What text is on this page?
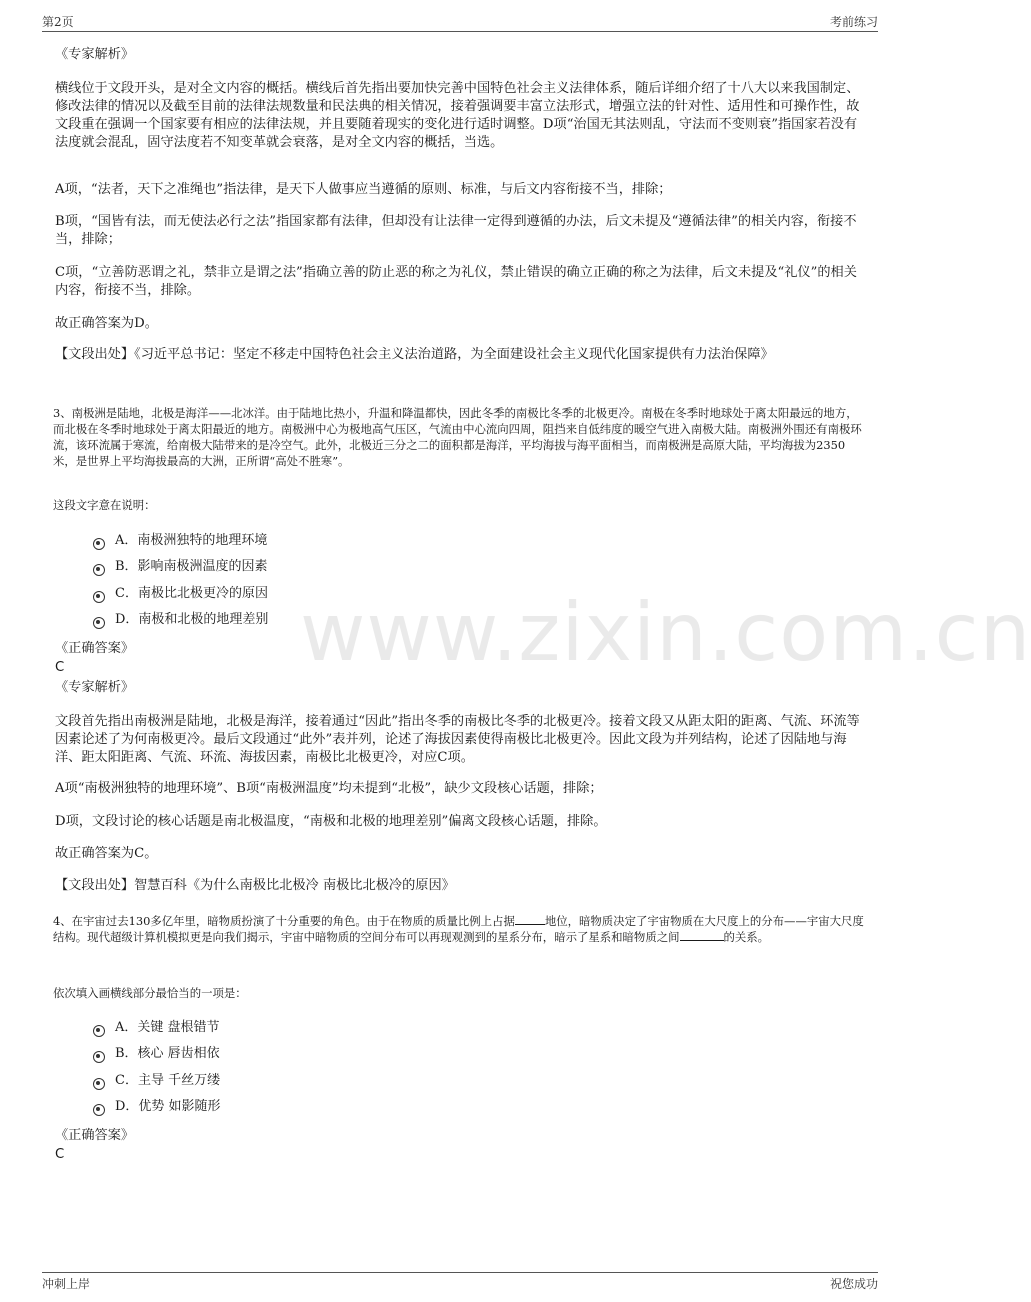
第2页	考前练习
www.zixin.com.cn
《专家解析》
横线位于文段开头，是对全文内容的概括。横线后首先指出要加快完善中国特色社会主义法律体系，随后详细介绍了十八大以来我国制定、修改法律的情况以及截至目前的法律法规数量和民法典的相关情况，接着强调要丰富立法形式，增强立法的针对性、适用性和可操作性，故文段重在强调一个国家要有相应的法律法规，并且要随着现实的变化进行适时调整。D项“治国无其法则乱，守法而不变则衰”指国家若没有法度就会混乱，固守法度若不知变革就会衰落，是对全文内容的概括，当选。
A项，“法者，天下之准绳也”指法律，是天下人做事应当遵循的原则、标准，与后文内容衔接不当，排除；
B项，“国皆有法，而无使法必行之法”指国家都有法律，但却没有让法律一定得到遵循的办法，后文未提及“遵循法律”的相关内容，衔接不当，排除；
C项，“立善防恶谓之礼，禁非立是谓之法”指确立善的防止恶的称之为礼仪，禁止错误的确立正确的称之为法律，后文未提及“礼仪”的相关内容，衔接不当，排除。
故正确答案为D。
【文段出处】《习近平总书记：坚定不移走中国特色社会主义法治道路，为全面建设社会主义现代化国家提供有力法治保障》
3、南极洲是陆地，北极是海洋——北冰洋。由于陆地比热小，升温和降温都快，因此冬季的南极比冬季的北极更冷。南极在冬季时地球处于离太阳最远的地方，而北极在冬季时地球处于离太阳最近的地方。南极洲中心为极地高气压区，气流由中心流向四周，阻挡来自低纬度的暖空气进入南极大陆。南极洲外围还有南极环流，该环流属于寒流，给南极大陆带来的是冷空气。此外，北极近三分之二的面积都是海洋，平均海拔与海平面相当，而南极洲是高原大陆，平均海拔为2350米，是世界上平均海拔最高的大洲，正所谓“高处不胜寒”。
这段文字意在说明：
A．南极洲独特的地理环境
B．影响南极洲温度的因素
C．南极比北极更冷的原因
D．南极和北极的地理差别
《正确答案》
C
《专家解析》
文段首先指出南极洲是陆地，北极是海洋，接着通过“因此”指出冬季的南极比冬季的北极更冷。接着文段又从距太阳的距离、气流、环流等因素论述了为何南极更冷。最后文段通过“此外”表并列，论述了海拔因素使得南极比北极更冷。因此文段为并列结构，论述了因陆地与海洋、距太阳距离、气流、环流、海拔因素，南极比北极更冷，对应C项。
A项“南极洲独特的地理环境”、B项“南极洲温度”均未提到“北极”，缺少文段核心话题，排除；
D项，文段讨论的核心话题是南北极温度，“南极和北极的地理差别”偏离文段核心话题，排除。
故正确答案为C。
【文段出处】智慧百科《为什么南极比北极冷 南极比北极冷的原因》
4、在宇宙过去130多亿年里，暗物质扮演了十分重要的角色。由于在物质的质量比例上占据	地位，暗物质决定了宇宙物质在大尺度上的分布——宇宙大尺度结构。现代超级计算机模拟更是向我们揭示，宇宙中暗物质的空间分布可以再现观测到的星系分布，暗示了星系和暗物质之间	的关系。
依次填入画横线部分最恰当的一项是：
A．关键 盘根错节
B．核心 唇齿相依
C．主导 千丝万缕
D．优势 如影随形
《正确答案》
C
冲刺上岸	祝您成功
